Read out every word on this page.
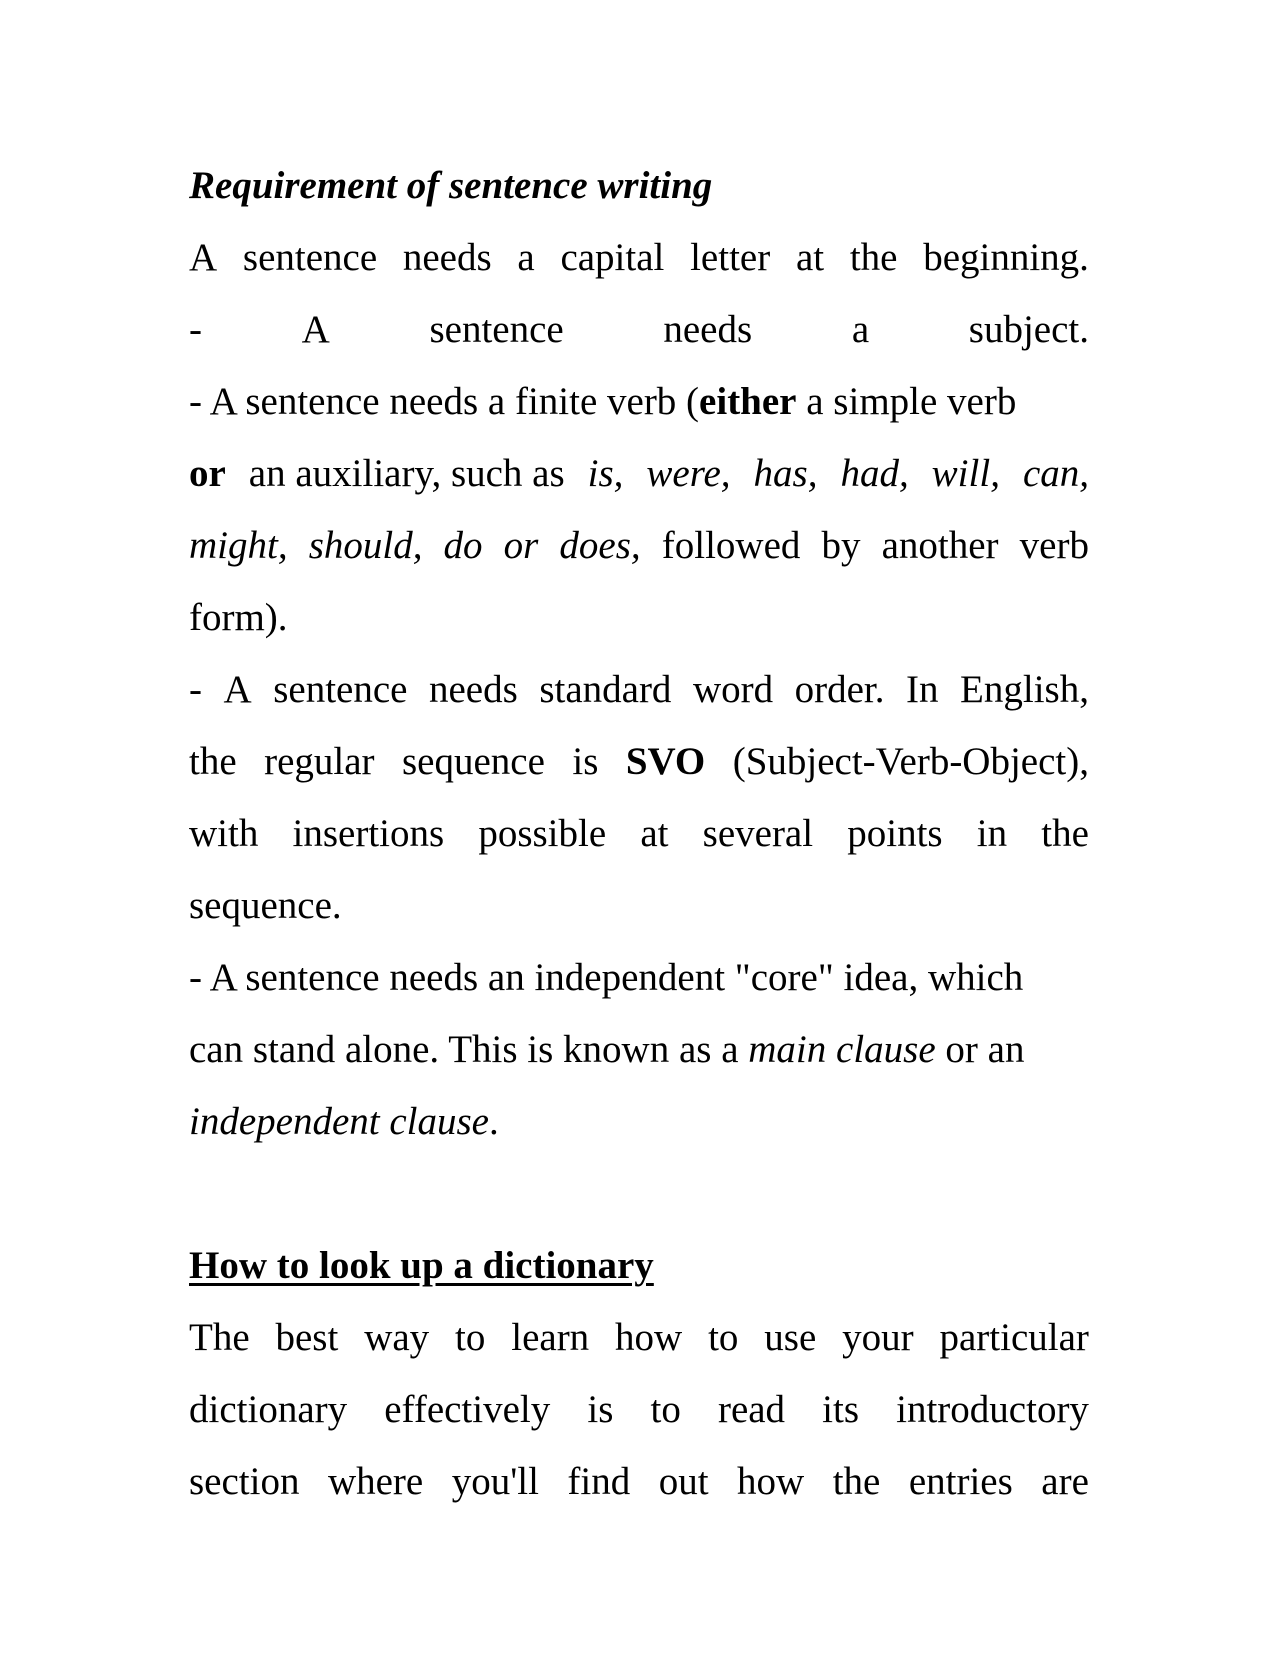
Requirement of sentence writing
A sentence needs a capital letter at the beginning.
-	A	sentence	needs	a	subject.
- A sentence needs a finite verb (either a simple verb
or an auxiliary, such as is, were, has, had, will, can,
might, should, do or does, followed by another verb
form).
- A sentence needs standard word order. In English,
the regular sequence is SVO (Subject-Verb-Object),
with insertions possible at several points in the
sequence.
- A sentence needs an independent "core" idea, which
can stand alone. This is known as a main clause or an
independent clause.
How to look up a dictionary
The best way to learn how to use your particular
dictionary effectively is to read its introductory
section where you'll find out how the entries are
